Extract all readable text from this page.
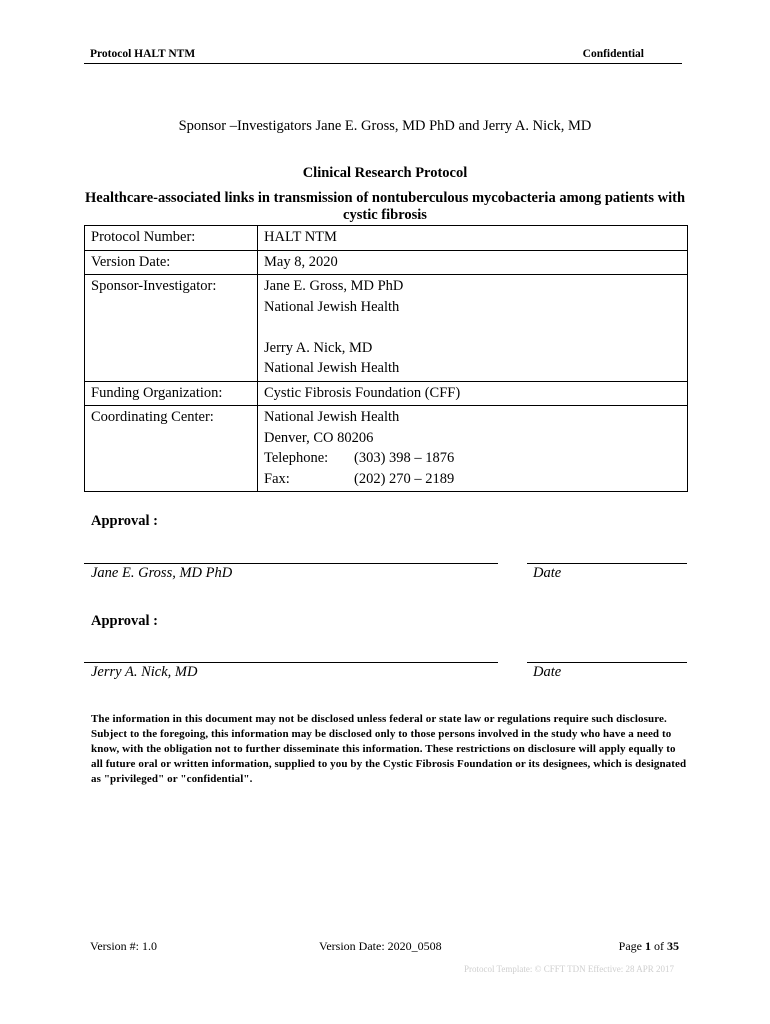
Protocol HALT NTM	Confidential
Sponsor –Investigators Jane E. Gross, MD PhD and Jerry A. Nick, MD
Clinical Research Protocol
Healthcare-associated links in transmission of nontuberculous mycobacteria among patients with cystic fibrosis
Protocol Number:	HALT NTM
Version Date:	May 8, 2020
Sponsor-Investigator:	Jane E. Gross, MD PhD
National Jewish Health
Jerry A. Nick, MD
National Jewish Health

Funding Organization:	Cystic Fibrosis Foundation (CFF)
Coordinating Center:	National Jewish Health
Denver, CO 80206
Telephone: (303) 398 – 1876
Fax: (202) 270 – 2189
Approval :
Jane E. Gross, MD PhD	Date
Approval :
Jerry A. Nick, MD	Date
The information in this document may not be disclosed unless federal or state law or regulations require such disclosure. Subject to the foregoing, this information may be disclosed only to those persons involved in the study who have a need to know, with the obligation not to further disseminate this information. These restrictions on disclosure will apply equally to all future oral or written information, supplied to you by the Cystic Fibrosis Foundation or its designees, which is designated as "privileged" or "confidential".
Version #: 1.0	Version Date: 2020_0508	Page 1 of 35
Protocol Template: © CFFT TDN Effective: 28 APR 2017
